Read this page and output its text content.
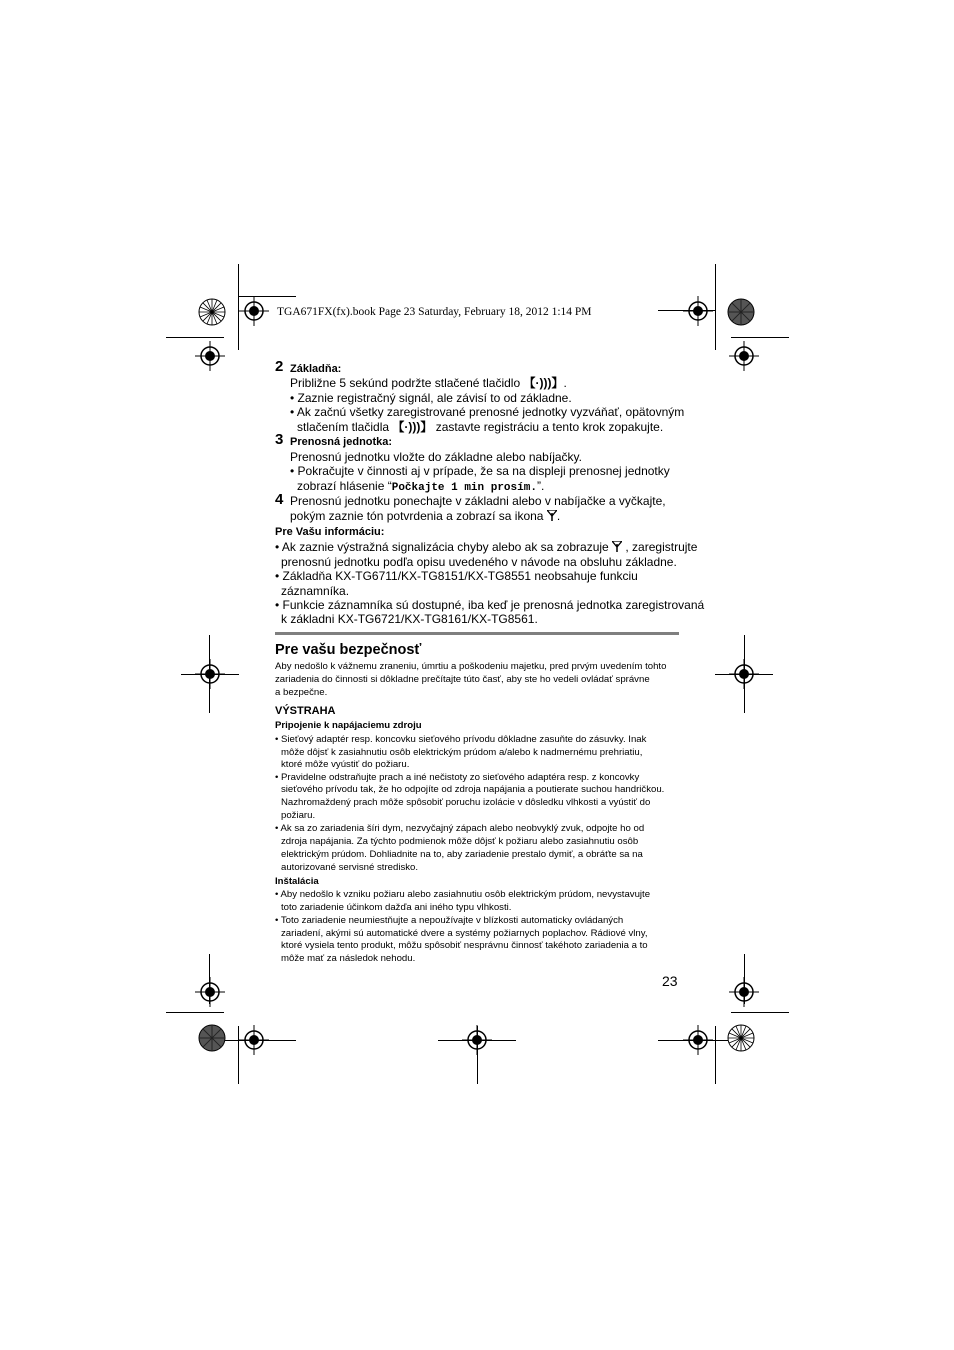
TGA671FX(fx).book Page 23 Saturday, February 18, 2012 1:14 PM
2 Základňa:
Približne 5 sekúnd podržte stlačené tlačidlo 【·)))】.
• Zaznie registračný signál, ale závisí to od základne.
• Ak začnú všetky zaregistrované prenosné jednotky vyzváňať, opätovným
stlačením tlačidla 【·)))】 zastavte registráciu a tento krok zopakujte.
3 Prenosná jednotka:
Prenosnú jednotku vložte do základne alebo nabíjačky.
• Pokračujte v činnosti aj v prípade, že sa na displeji prenosnej jednotky
zobrazí hlásenie “Počkajte 1 min prosím.”.
4 Prenosnú jednotku ponechajte v základni alebo v nabíjačke a vyčkajte,
pokým zaznie tón potvrdenia a zobrazí sa ikona .
Pre Vašu informáciu:
• Ak zaznie výstražná signalizácia chyby alebo ak sa zobrazuje  , zaregistrujte
prenosnú jednotku podľa opisu uvedeného v návode na obsluhu základne.
• Základňa KX-TG6711/KX-TG8151/KX-TG8551 neobsahuje funkciu
záznamníka.
• Funkcie záznamníka sú dostupné, iba keď je prenosná jednotka zaregistrovaná
k základni KX-TG6721/KX-TG8161/KX-TG8561.
Pre vašu bezpečnosť
Aby nedošlo k vážnemu zraneniu, úmrtiu a poškodeniu majetku, pred prvým uvedením tohto
zariadenia do činnosti si dôkladne prečítajte túto časť, aby ste ho vedeli ovládať správne
a bezpečne.
VÝSTRAHA
Pripojenie k napájaciemu zdroju
• Sieťový adaptér resp. koncovku sieťového prívodu dôkladne zasuňte do zásuvky. Inak
môže dôjsť k zasiahnutiu osôb elektrickým prúdom a/alebo k nadmernému prehriatiu,
ktoré môže vyústiť do požiaru.
• Pravidelne odstraňujte prach a iné nečistoty zo sieťového adaptéra resp. z koncovky
sieťového prívodu tak, že ho odpojíte od zdroja napájania a poutierate suchou handričkou.
Nazhromaždený prach môže spôsobiť poruchu izolácie v dôsledku vlhkosti a vyústiť do
požiaru.
• Ak sa zo zariadenia šíri dym, nezvyčajný zápach alebo neobvyklý zvuk, odpojte ho od
zdroja napájania. Za týchto podmienok môže dôjsť k požiaru alebo zasiahnutiu osôb
elektrickým prúdom. Dohliadnite na to, aby zariadenie prestalo dymiť, a obráťte sa na
autorizované servisné stredisko.
Inštalácia
• Aby nedošlo k vzniku požiaru alebo zasiahnutiu osôb elektrickým prúdom, nevystavujte
toto zariadenie účinkom dažďa ani iného typu vlhkosti.
• Toto zariadenie neumiestňujte a nepoužívajte v blízkosti automaticky ovládaných
zariadení, akými sú automatické dvere a systémy požiarnych poplachov. Rádiové vlny,
ktoré vysiela tento produkt, môžu spôsobiť nesprávnu činnosť takéhoto zariadenia a to
môže mať za následok nehodu.
23
